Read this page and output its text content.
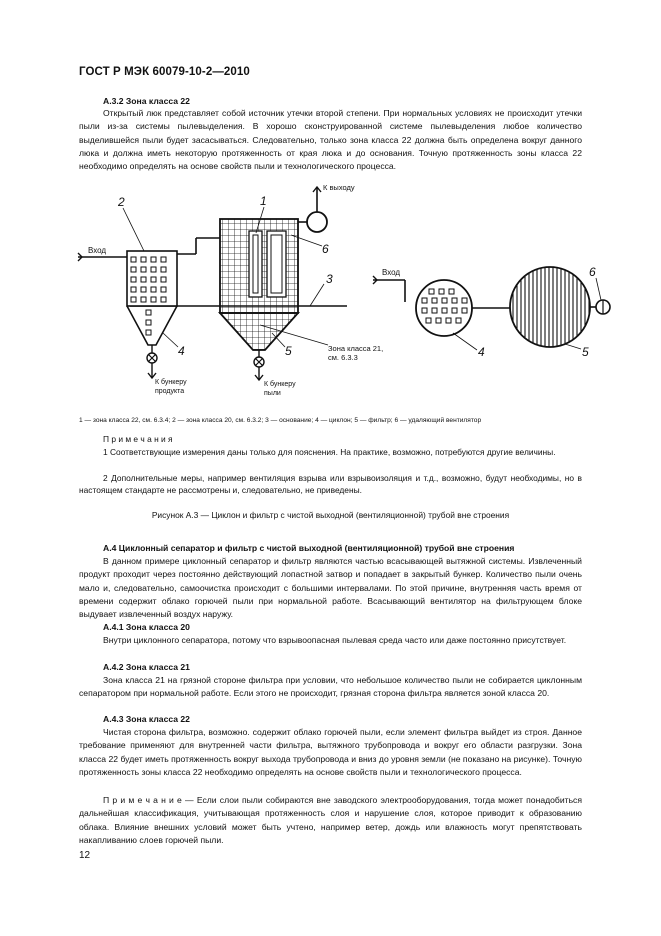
ГОСТ Р МЭК 60079-10-2—2010
А.3.2 Зона класса 22
Открытый люк представляет собой источник утечки второй степени. При нормальных условиях не происходит утечки пыли из-за системы пылевыделения. В хорошо сконструированной системе пылевыделения любое количество выделившейся пыли будет засасываться. Следовательно, только зона класса 22 должна быть определена вокруг данного люка и должна иметь некоторую протяженность от края люка и до основания. Точную протяженность зоны класса 22 необходимо определять на основе свойств пыли и технологического процесса.
Вход
2
4
К бункеру продукта
К выходу
1
6
3
5	Зона класса 21, см. 6.3.3
К бункеру пыли
Вход	6
4	5
1 — зона класса 22, см. 6.3.4; 2 — зона класса 20, см. 6.3.2; 3 — основание; 4 — циклон; 5 — фильтр; 6 — удаляющий вентилятор
П р и м е ч а н и я
1 Соответствующие измерения даны только для пояснения. На практике, возможно, потребуются другие величины.
2 Дополнительные меры, например вентиляция взрыва или взрывоизоляция и т.д., возможно, будут необходимы, но в настоящем стандарте не рассмотрены и, следовательно, не приведены.
Рисунок А.3 — Циклон и фильтр с чистой выходной (вентиляционной) трубой вне строения
А.4 Циклонный сепаратор и фильтр с чистой выходной (вентиляционной) трубой вне строения
В данном примере циклонный сепаратор и фильтр являются частью всасывающей вытяжной системы. Извлеченный продукт проходит через постоянно действующий лопастной затвор и попадает в закрытый бункер. Количество пыли очень мало и, следовательно, самоочистка происходит с большими интервалами. По этой причине, внутренняя часть время от времени содержит облако горючей пыли при нормальной работе. Всасывающий вентилятор на фильтрующем блоке выдувает извлеченный воздух наружу.
А.4.1 Зона класса 20
Внутри циклонного сепаратора, потому что взрывоопасная пылевая среда часто или даже постоянно присутствует.
А.4.2 Зона класса 21
Зона класса 21 на грязной стороне фильтра при условии, что небольшое количество пыли не собирается циклонным сепаратором при нормальной работе. Если этого не происходит, грязная сторона фильтра является зоной класса 20.
А.4.3 Зона класса 22
Чистая сторона фильтра, возможно. содержит облако горючей пыли, если элемент фильтра выйдет из строя. Данное требование применяют для внутренней части фильтра, вытяжного трубопровода и вокруг его области разгрузки. Зона класса 22 будет иметь протяженность вокруг выхода трубопровода и вниз до уровня земли (не показано на рисунке). Точную протяженность зоны класса 22 необходимо определять на основе свойств пыли и технологического процесса.
П р и м е ч а н и е — Если слои пыли собираются вне заводского электрооборудования, тогда может понадобиться дальнейшая классификация, учитывающая протяженность слоя и нарушение слоя, которое приводит к образованию облака. Влияние внешних условий может быть учтено, например ветер, дождь или влажность могут препятствовать накапливанию слоев горючей пыли.
12
